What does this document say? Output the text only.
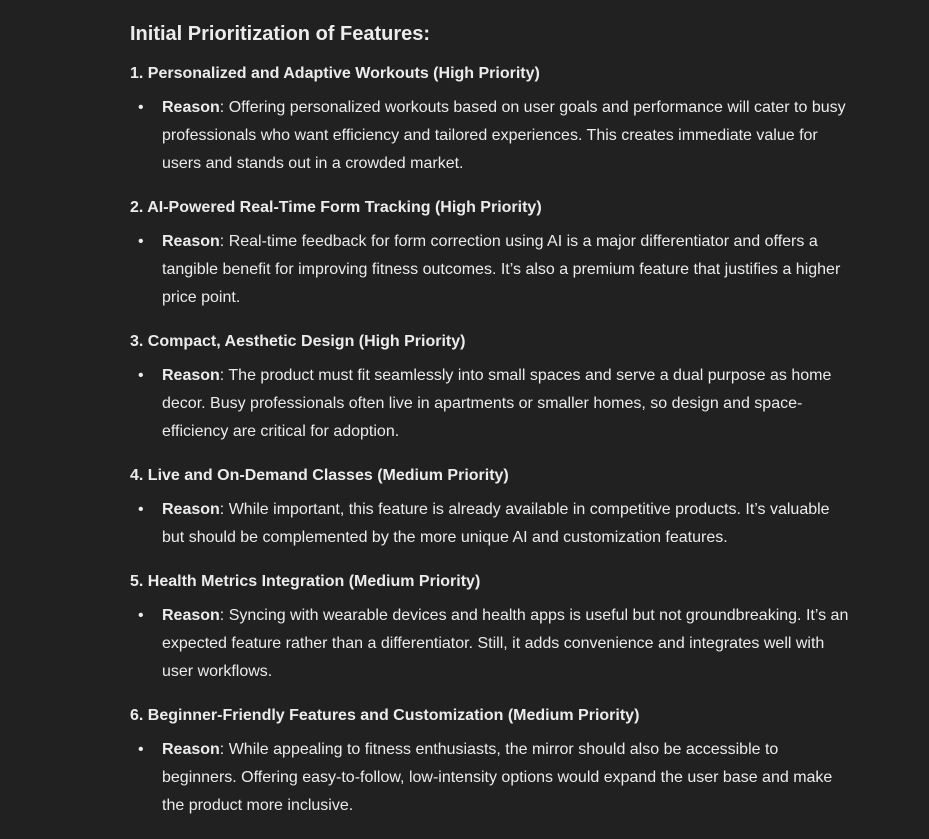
Initial Prioritization of Features:
1. Personalized and Adaptive Workouts (High Priority)
• Reason: Offering personalized workouts based on user goals and performance will cater to busy professionals who want efficiency and tailored experiences. This creates immediate value for users and stands out in a crowded market.
2. AI-Powered Real-Time Form Tracking (High Priority)
• Reason: Real-time feedback for form correction using AI is a major differentiator and offers a tangible benefit for improving fitness outcomes. It’s also a premium feature that justifies a higher price point.
3. Compact, Aesthetic Design (High Priority)
• Reason: The product must fit seamlessly into small spaces and serve a dual purpose as home decor. Busy professionals often live in apartments or smaller homes, so design and space-efficiency are critical for adoption.
4. Live and On-Demand Classes (Medium Priority)
• Reason: While important, this feature is already available in competitive products. It’s valuable but should be complemented by the more unique AI and customization features.
5. Health Metrics Integration (Medium Priority)
• Reason: Syncing with wearable devices and health apps is useful but not groundbreaking. It’s an expected feature rather than a differentiator. Still, it adds convenience and integrates well with user workflows.
6. Beginner-Friendly Features and Customization (Medium Priority)
• Reason: While appealing to fitness enthusiasts, the mirror should also be accessible to beginners. Offering easy-to-follow, low-intensity options would expand the user base and make the product more inclusive.
